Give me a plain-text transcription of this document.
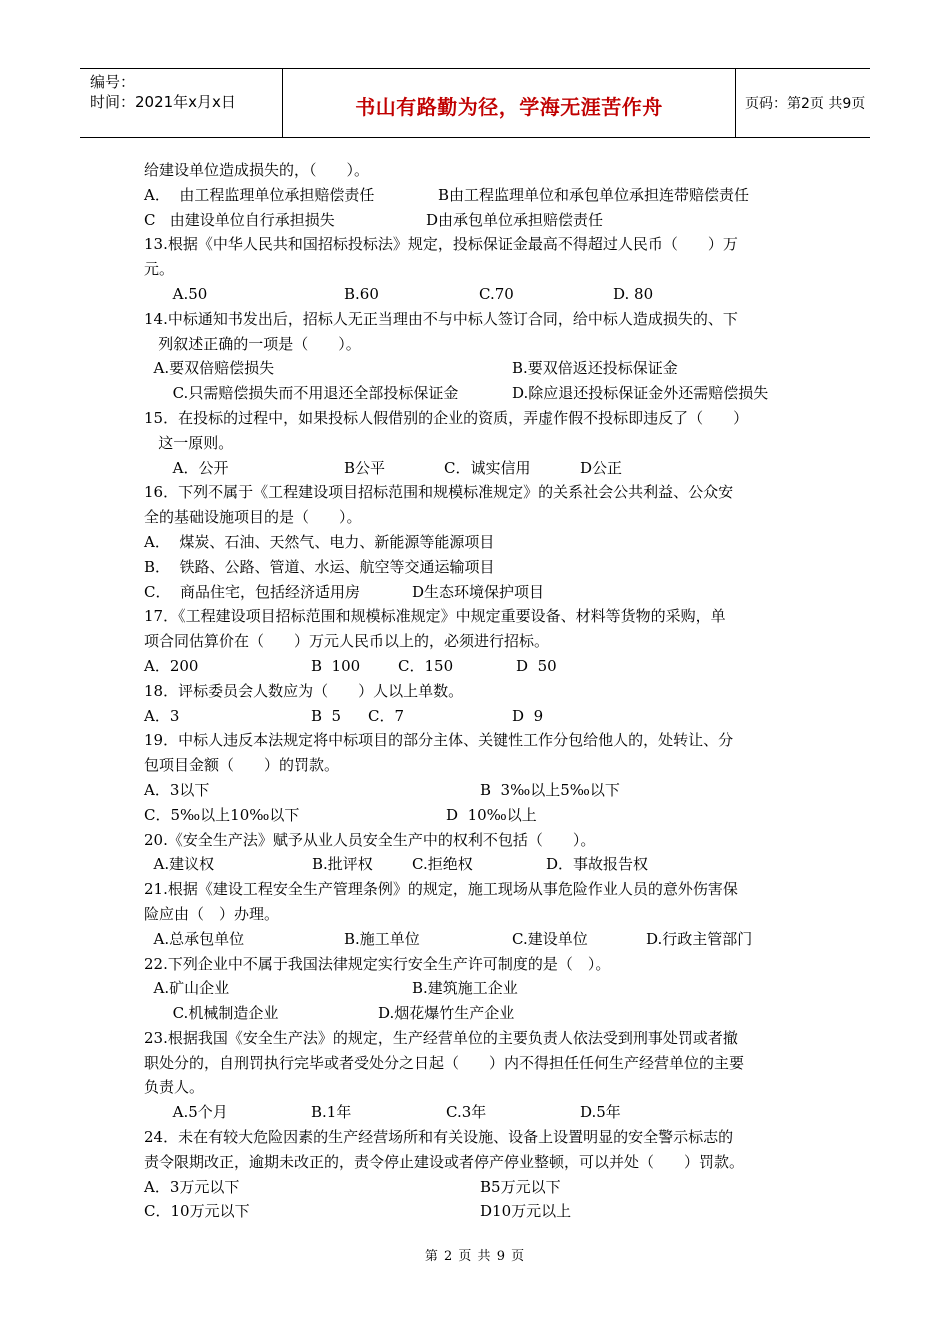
编号：
时间：2021年x月x日	书山有路勤为径，学海无涯苦作舟	页码：第2页 共9页
给建设单位造成损失的，（　　）。
A．  由工程监理单位承担赔偿责任	B由工程监理单位和承包单位承担连带赔偿责任
C   由建设单位自行承担损失	D由承包单位承担赔偿责任
13.根据《中华人民共和国招标投标法》规定，投标保证金最高不得超过人民币（　　）万
元。
A.50	B.60	C.70	D. 80
14.中标通知书发出后，招标人无正当理由不与中标人签订合同，给中标人造成损失的、下
列叙述正确的一项是（　　）。
A.要双倍赔偿损失	B.要双倍返还投标保证金
C.只需赔偿损失而不用退还全部投标保证金	D.除应退还投标保证金外还需赔偿损失
15．在投标的过程中，如果投标人假借别的企业的资质，弄虚作假不投标即违反了（　　）
这一原则。
A．公开	B公平	C．诚实信用	D公正
16．下列不属于《工程建设项目招标范围和规模标准规定》的关系社会公共利益、公众安
全的基础设施项目的是（　　）。
A．  煤炭、石油、天然气、电力、新能源等能源项目
B．  铁路、公路、管道、水运、航空等交通运输项目
C．  商品住宅，包括经济适用房	D生态环境保护项目
17．《工程建设项目招标范围和规模标准规定》中规定重要设备、材料等货物的采购，单
项合同估算价在（　　）万元人民币以上的，必须进行招标。
A．200	B  100	C．150	D  50
18．评标委员会人数应为（　　）人以上单数。
A．3	B  5 C．7	D  9
19．中标人违反本法规定将中标项目的部分主体、关键性工作分包给他人的，处转让、分
包项目金额（　　）的罚款。
A．3以下	B  3‰以上5‰以下
C．5‰以上10‰以下	D  10‰以上
20.《安全生产法》赋予从业人员安全生产中的权利不包括（　　）。
A.建议权	B.批评权	C.拒绝权	D．事故报告权
21.根据《建设工程安全生产管理条例》的规定，施工现场从事危险作业人员的意外伤害保
险应由（　）办理。
A.总承包单位	B.施工单位	C.建设单位	D.行政主管部门
22.下列企业中不属于我国法律规定实行安全生产许可制度的是（　）。
A.矿山企业	B.建筑施工企业
C.机械制造企业	D.烟花爆竹生产企业
23.根据我国《安全生产法》的规定，生产经营单位的主要负责人依法受到刑事处罚或者撤
职处分的，自刑罚执行完毕或者受处分之日起（　　）内不得担任任何生产经营单位的主要
负责人。
A.5个月	B.1年	C.3年	D.5年
24．未在有较大危险因素的生产经营场所和有关设施、设备上设置明显的安全警示标志的
责令限期改正，逾期未改正的，责令停止建设或者停产停业整顿，可以并处（　　）罚款。
A．3万元以下	B5万元以下
C．10万元以下	D10万元以上
第 2 页 共 9 页
